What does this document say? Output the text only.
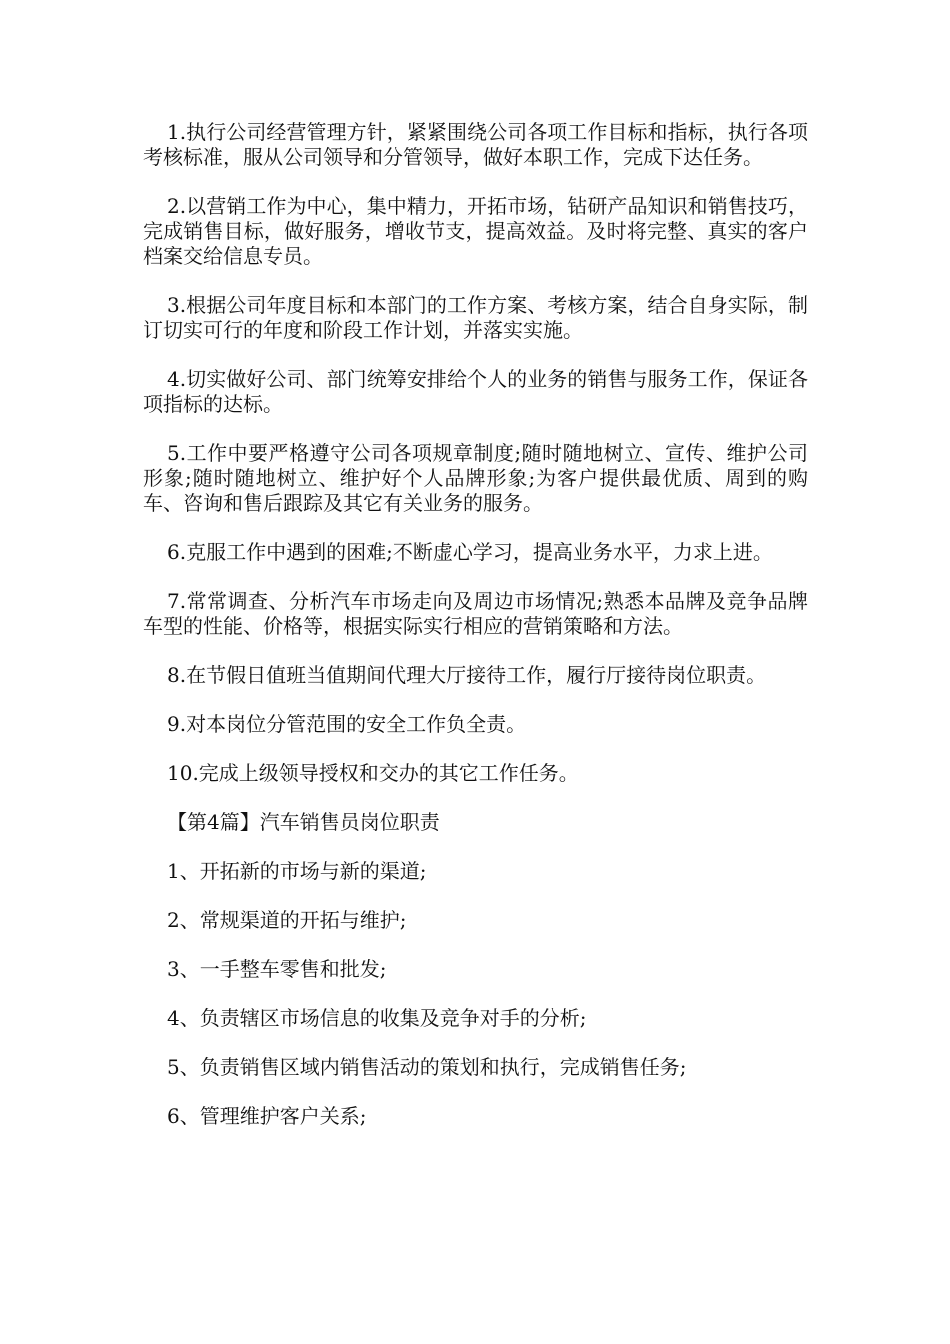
1.执行公司经营管理方针，紧紧围绕公司各项工作目标和指标，执行各项考核标准，服从公司领导和分管领导，做好本职工作，完成下达任务。

2.以营销工作为中心，集中精力，开拓市场，钻研产品知识和销售技巧，完成销售目标，做好服务，增收节支，提高效益。及时将完整、真实的客户档案交给信息专员。

3.根据公司年度目标和本部门的工作方案、考核方案，结合自身实际，制订切实可行的年度和阶段工作计划，并落实实施。

4.切实做好公司、部门统筹安排给个人的业务的销售与服务工作，保证各项指标的达标。

5.工作中要严格遵守公司各项规章制度;随时随地树立、宣传、维护公司形象;随时随地树立、维护好个人品牌形象;为客户提供最优质、周到的购车、咨询和售后跟踪及其它有关业务的服务。

6.克服工作中遇到的困难;不断虚心学习，提高业务水平，力求上进。

7.常常调查、分析汽车市场走向及周边市场情况;熟悉本品牌及竞争品牌车型的性能、价格等，根据实际实行相应的营销策略和方法。

8.在节假日值班当值期间代理大厅接待工作，履行厅接待岗位职责。

9.对本岗位分管范围的安全工作负全责。

10.完成上级领导授权和交办的其它工作任务。

【第4篇】汽车销售员岗位职责

1、开拓新的市场与新的渠道;

2、常规渠道的开拓与维护;

3、一手整车零售和批发;

4、负责辖区市场信息的收集及竞争对手的分析;

5、负责销售区域内销售活动的策划和执行，完成销售任务;

6、管理维护客户关系;
